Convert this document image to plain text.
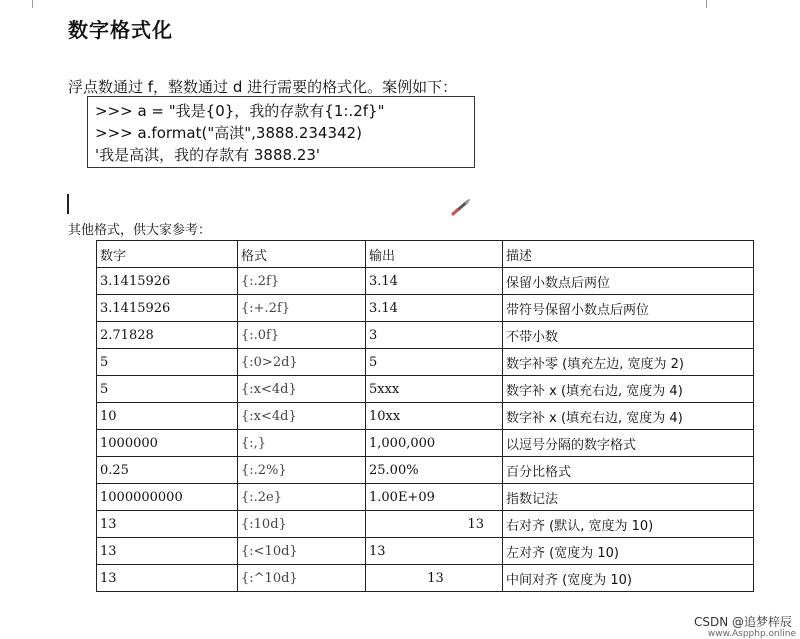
数字格式化
浮点数通过 f，整数通过 d 进行需要的格式化。案例如下：
>>> a = "我是{0}，我的存款有{1:.2f}"
>>> a.format("高淇",3888.234342)
'我是高淇，我的存款有 3888.23'
其他格式，供大家参考：
数字	格式	输出	描述
3.1415926	{:.2f}	3.14	保留小数点后两位
3.1415926	{:+.2f}	3.14	带符号保留小数点后两位
2.71828	{:.0f}	3	不带小数
5	{:0>2d}	5	数字补零 (填充左边, 宽度为 2)
5	{:x<4d}	5xxx	数字补 x (填充右边, 宽度为 4)
10	{:x<4d}	10xx	数字补 x (填充右边, 宽度为 4)
1000000	{:,}	1,000,000	以逗号分隔的数字格式
0.25	{:.2%}	25.00%	百分比格式
1000000000	{:.2e}	1.00E+09	指数记法
13	{:10d}	13	右对齐 (默认, 宽度为 10)
13	{:<10d}	13	左对齐 (宽度为 10)
13	{:^10d}	13	中间对齐 (宽度为 10)
CSDN @追梦梓辰
www.Aspphp.online
